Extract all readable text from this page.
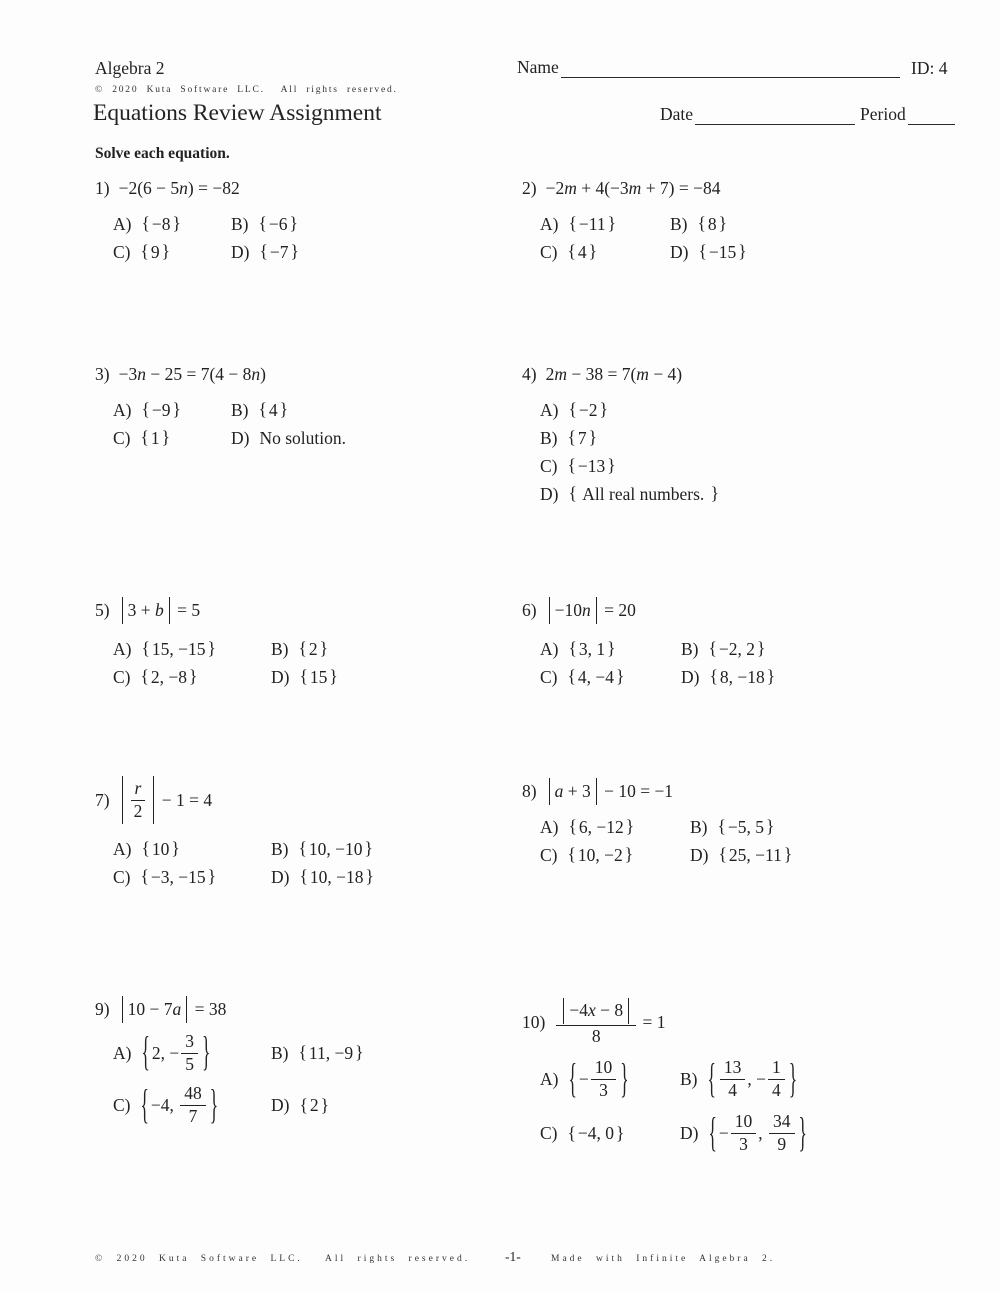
Algebra 2
© 2020 Kuta Software LLC.  All rights reserved.
Equations Review Assignment
Name	ID: 4
Date	Period
Solve each equation.
1) −2(6 − 5 n ) = −82
A) { −8 }	B) { −6 }
C) { 9 }	D) { −7 }
2) −2 m + 4(−3 m + 7) = −84
A) { −11 }	B) { 8 }
C) { 4 }	D) { −15 }
3) −3 n − 25 = 7(4 − 8 n )
A) { −9 }	B) { 4 }
C) { 1 }	D) No solution.
4) 2 m − 38 = 7( m − 4)
A) { −2 }
B) { 7 }
C) { −13 }
D) { All real numbers. }
5) 3 + b = 5
A) { 15, −15 }	B) { 2 }
C) { 2, −8 }	D) { 15 }
6) −10 n = 20
A) { 3, 1 }	B) { −2, 2 }
C) { 4, −4 }	D) { 8, −18 }
$7) \frac{r}{2} - 1 = 4$
A) { 10 }	B) { 10, −10 }
C) { −3, −15 }	D) { 10, −18 }
8) a + 3 − 10 = −1
A) { 6, −12 }	B) { −5, 5 }
C) { 10, −2 }	D) { 25, −11 }
9) 10 − 7 a = 38
A) { 2, − $\frac{3}{5}$ }	B) { 11, −9 }
C) { −4, $\frac{48}{7}$ }	D) { 2 }
$10) \frac{-4 x - 8}{8} = 1$
A) { − $\frac{10}{3}$ }	B) { $\frac{13}{4}$ , − $\frac{1}{4}$ }
C) { −4, 0 }	D) { − $\frac{10}{3}$ , $\frac{34}{9}$ }
© 2020 Kuta Software LLC.  All rights reserved.	-1-	Made with Infinite Algebra 2.
